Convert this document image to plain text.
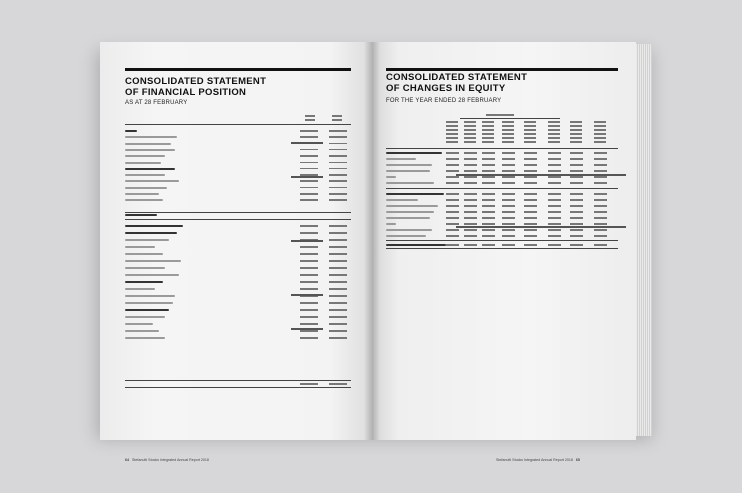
CONSOLIDATED STATEMENT
OF FINANCIAL POSITION
AS AT 28 FEBRUARY
64 Stefanutti Stocks Integrated Annual Report 2018
CONSOLIDATED STATEMENT
OF CHANGES IN EQUITY
FOR THE YEAR ENDED 28 FEBRUARY
Stefanutti Stocks Integrated Annual Report 2018 65
